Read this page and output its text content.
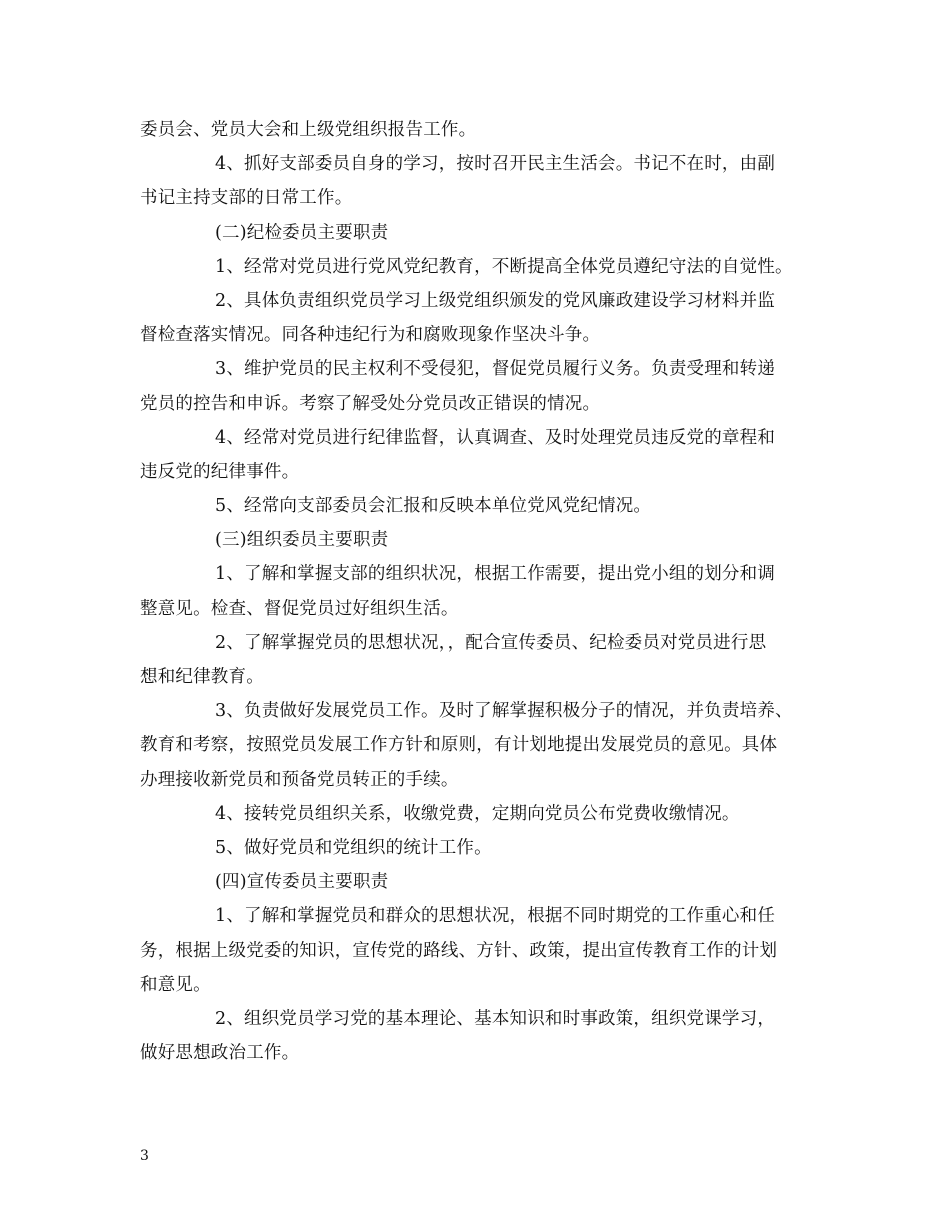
委员会、党员大会和上级党组织报告工作。
4、抓好支部委员自身的学习，按时召开民主生活会。书记不在时，由副
书记主持支部的日常工作。
(二)纪检委员主要职责
1、经常对党员进行党风党纪教育，不断提高全体党员遵纪守法的自觉性。
2、具体负责组织党员学习上级党组织颁发的党风廉政建设学习材料并监
督检查落实情况。同各种违纪行为和腐败现象作坚决斗争。
3、维护党员的民主权利不受侵犯，督促党员履行义务。负责受理和转递
党员的控告和申诉。考察了解受处分党员改正错误的情况。
4、经常对党员进行纪律监督，认真调查、及时处理党员违反党的章程和
违反党的纪律事件。
5、经常向支部委员会汇报和反映本单位党风党纪情况。
(三)组织委员主要职责
1、了解和掌握支部的组织状况，根据工作需要，提出党小组的划分和调
整意见。检查、督促党员过好组织生活。
2、了解掌握党员的思想状况，，配合宣传委员、纪检委员对党员进行思
想和纪律教育。
3、负责做好发展党员工作。及时了解掌握积极分子的情况，并负责培养、
教育和考察，按照党员发展工作方针和原则，有计划地提出发展党员的意见。具体
办理接收新党员和预备党员转正的手续。
4、接转党员组织关系，收缴党费，定期向党员公布党费收缴情况。
5、做好党员和党组织的统计工作。
(四)宣传委员主要职责
1、了解和掌握党员和群众的思想状况，根据不同时期党的工作重心和任
务，根据上级党委的知识，宣传党的路线、方针、政策，提出宣传教育工作的计划
和意见。
2、组织党员学习党的基本理论、基本知识和时事政策，组织党课学习，
做好思想政治工作。
3
